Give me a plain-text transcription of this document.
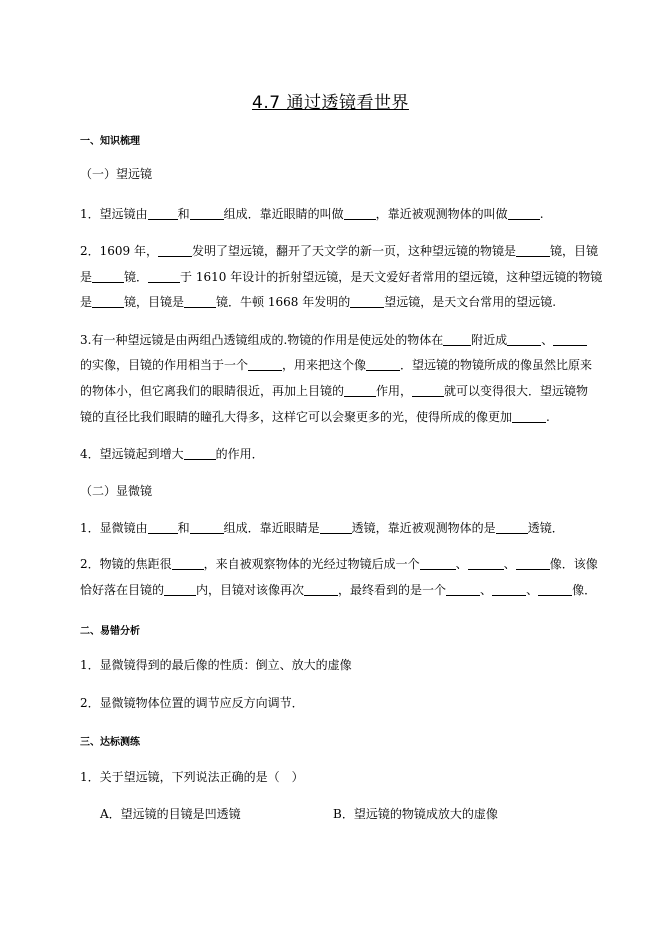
4.7 通过透镜看世界
一、知识梳理
（一）望远镜
1．望远镜由	和	组成．靠近眼睛的叫做	，靠近被观测物体的叫做	.
2．1609 年，	发明了望远镜，翻开了天文学的新一页，这种望远镜的物镜是	镜，目镜
是	镜．	于 1610 年设计的折射望远镜，是天文爱好者常用的望远镜，这种望远镜的物镜
是	镜，目镜是	镜．牛顿 1668 年发明的	望远镜，是天文台常用的望远镜.
3.有一种望远镜是由两组凸透镜组成的.物镜的作用是使远处的物体在 附近成	、
的实像，目镜的作用相当于一个	，用来把这个像	．望远镜的物镜所成的像虽然比原来
的物体小，但它离我们的眼睛很近，再加上目镜的	作用，	就可以变得很大．望远镜物
镜的直径比我们眼睛的瞳孔大得多，这样它可以会聚更多的光，使得所成的像更加	.
4．望远镜起到增大	的作用．
（二）显微镜
1．显微镜由	和	组成．靠近眼睛是	透镜，靠近被观测物体的是	透镜．
2．物镜的焦距很	，来自被观察物体的光经过物镜后成一个	、	、	像．该像
恰好落在目镜的	内，目镜对该像再次	，最终看到的是一个	、	、	像．
二、易错分析
1．显微镜得到的最后像的性质：倒立、放大的虚像
2．显微镜物体位置的调节应反方向调节．
三、达标测练
1．关于望远镜，下列说法正确的是（　）
A．望远镜的目镜是凹透镜	B．望远镜的物镜成放大的虚像
